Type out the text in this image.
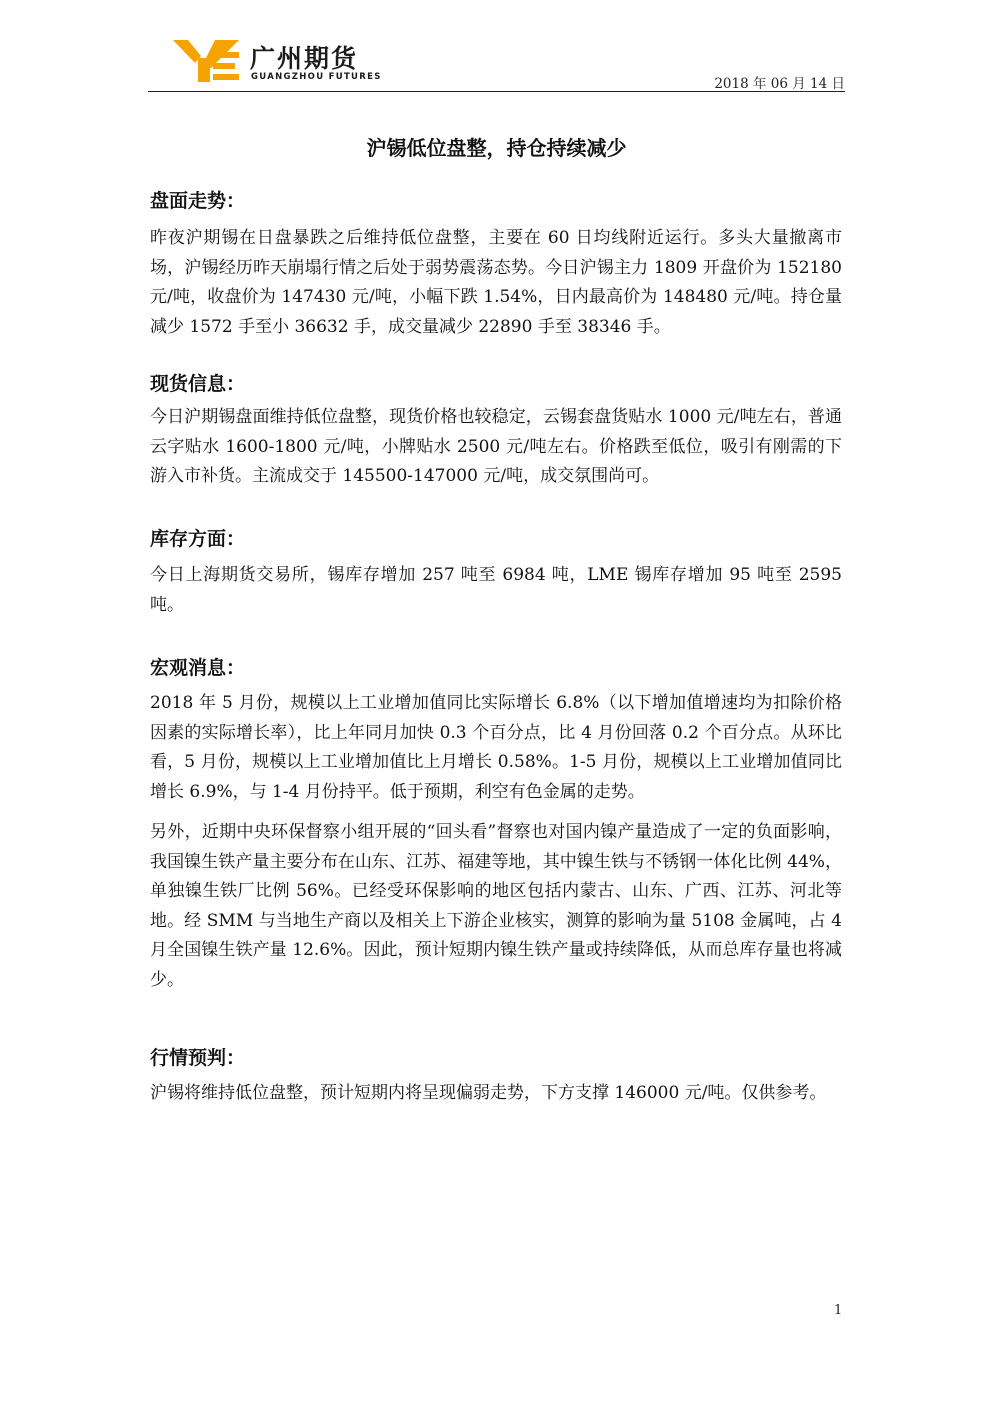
广州期货
GUANGZHOU FUTURES	2018 年 06 月 14 日
沪锡低位盘整，持仓持续减少
盘面走势：

昨夜沪期锡在日盘暴跌之后维持低位盘整，主要在 60 日均线附近运行。多头大量撤离市场，沪锡经历昨天崩塌行情之后处于弱势震荡态势。今日沪锡主力 1809 开盘价为 152180 元/吨，收盘价为 147430 元/吨，小幅下跌 1.54%，日内最高价为 148480 元/吨。持仓量减少 1572 手至小 36632 手，成交量减少 22890 手至 38346 手。

现货信息：

今日沪期锡盘面维持低位盘整，现货价格也较稳定，云锡套盘货贴水 1000 元/吨左右，普通云字贴水 1600-1800 元/吨，小牌贴水 2500 元/吨左右。价格跌至低位，吸引有刚需的下游入市补货。主流成交于 145500-147000 元/吨，成交氛围尚可。

库存方面：

今日上海期货交易所，锡库存增加 257 吨至 6984 吨，LME 锡库存增加 95 吨至 2595 吨。

宏观消息：

2018 年 5 月份，规模以上工业增加值同比实际增长 6.8%（以下增加值增速均为扣除价格因素的实际增长率），比上年同月加快 0.3 个百分点，比 4 月份回落 0.2 个百分点。从环比看，5 月份，规模以上工业增加值比上月增长 0.58%。1-5 月份，规模以上工业增加值同比增长 6.9%，与 1-4 月份持平。低于预期，利空有色金属的走势。

另外，近期中央环保督察小组开展的“回头看”督察也对国内镍产量造成了一定的负面影响，我国镍生铁产量主要分布在山东、江苏、福建等地，其中镍生铁与不锈钢一体化比例 44%，单独镍生铁厂比例 56%。已经受环保影响的地区包括内蒙古、山东、广西、江苏、河北等地。经 SMM 与当地生产商以及相关上下游企业核实，测算的影响为量 5108 金属吨，占 4 月全国镍生铁产量 12.6%。因此，预计短期内镍生铁产量或持续降低，从而总库存量也将减少。

行情预判：

沪锡将维持低位盘整，预计短期内将呈现偏弱走势，下方支撑 146000 元/吨。仅供参考。

1
